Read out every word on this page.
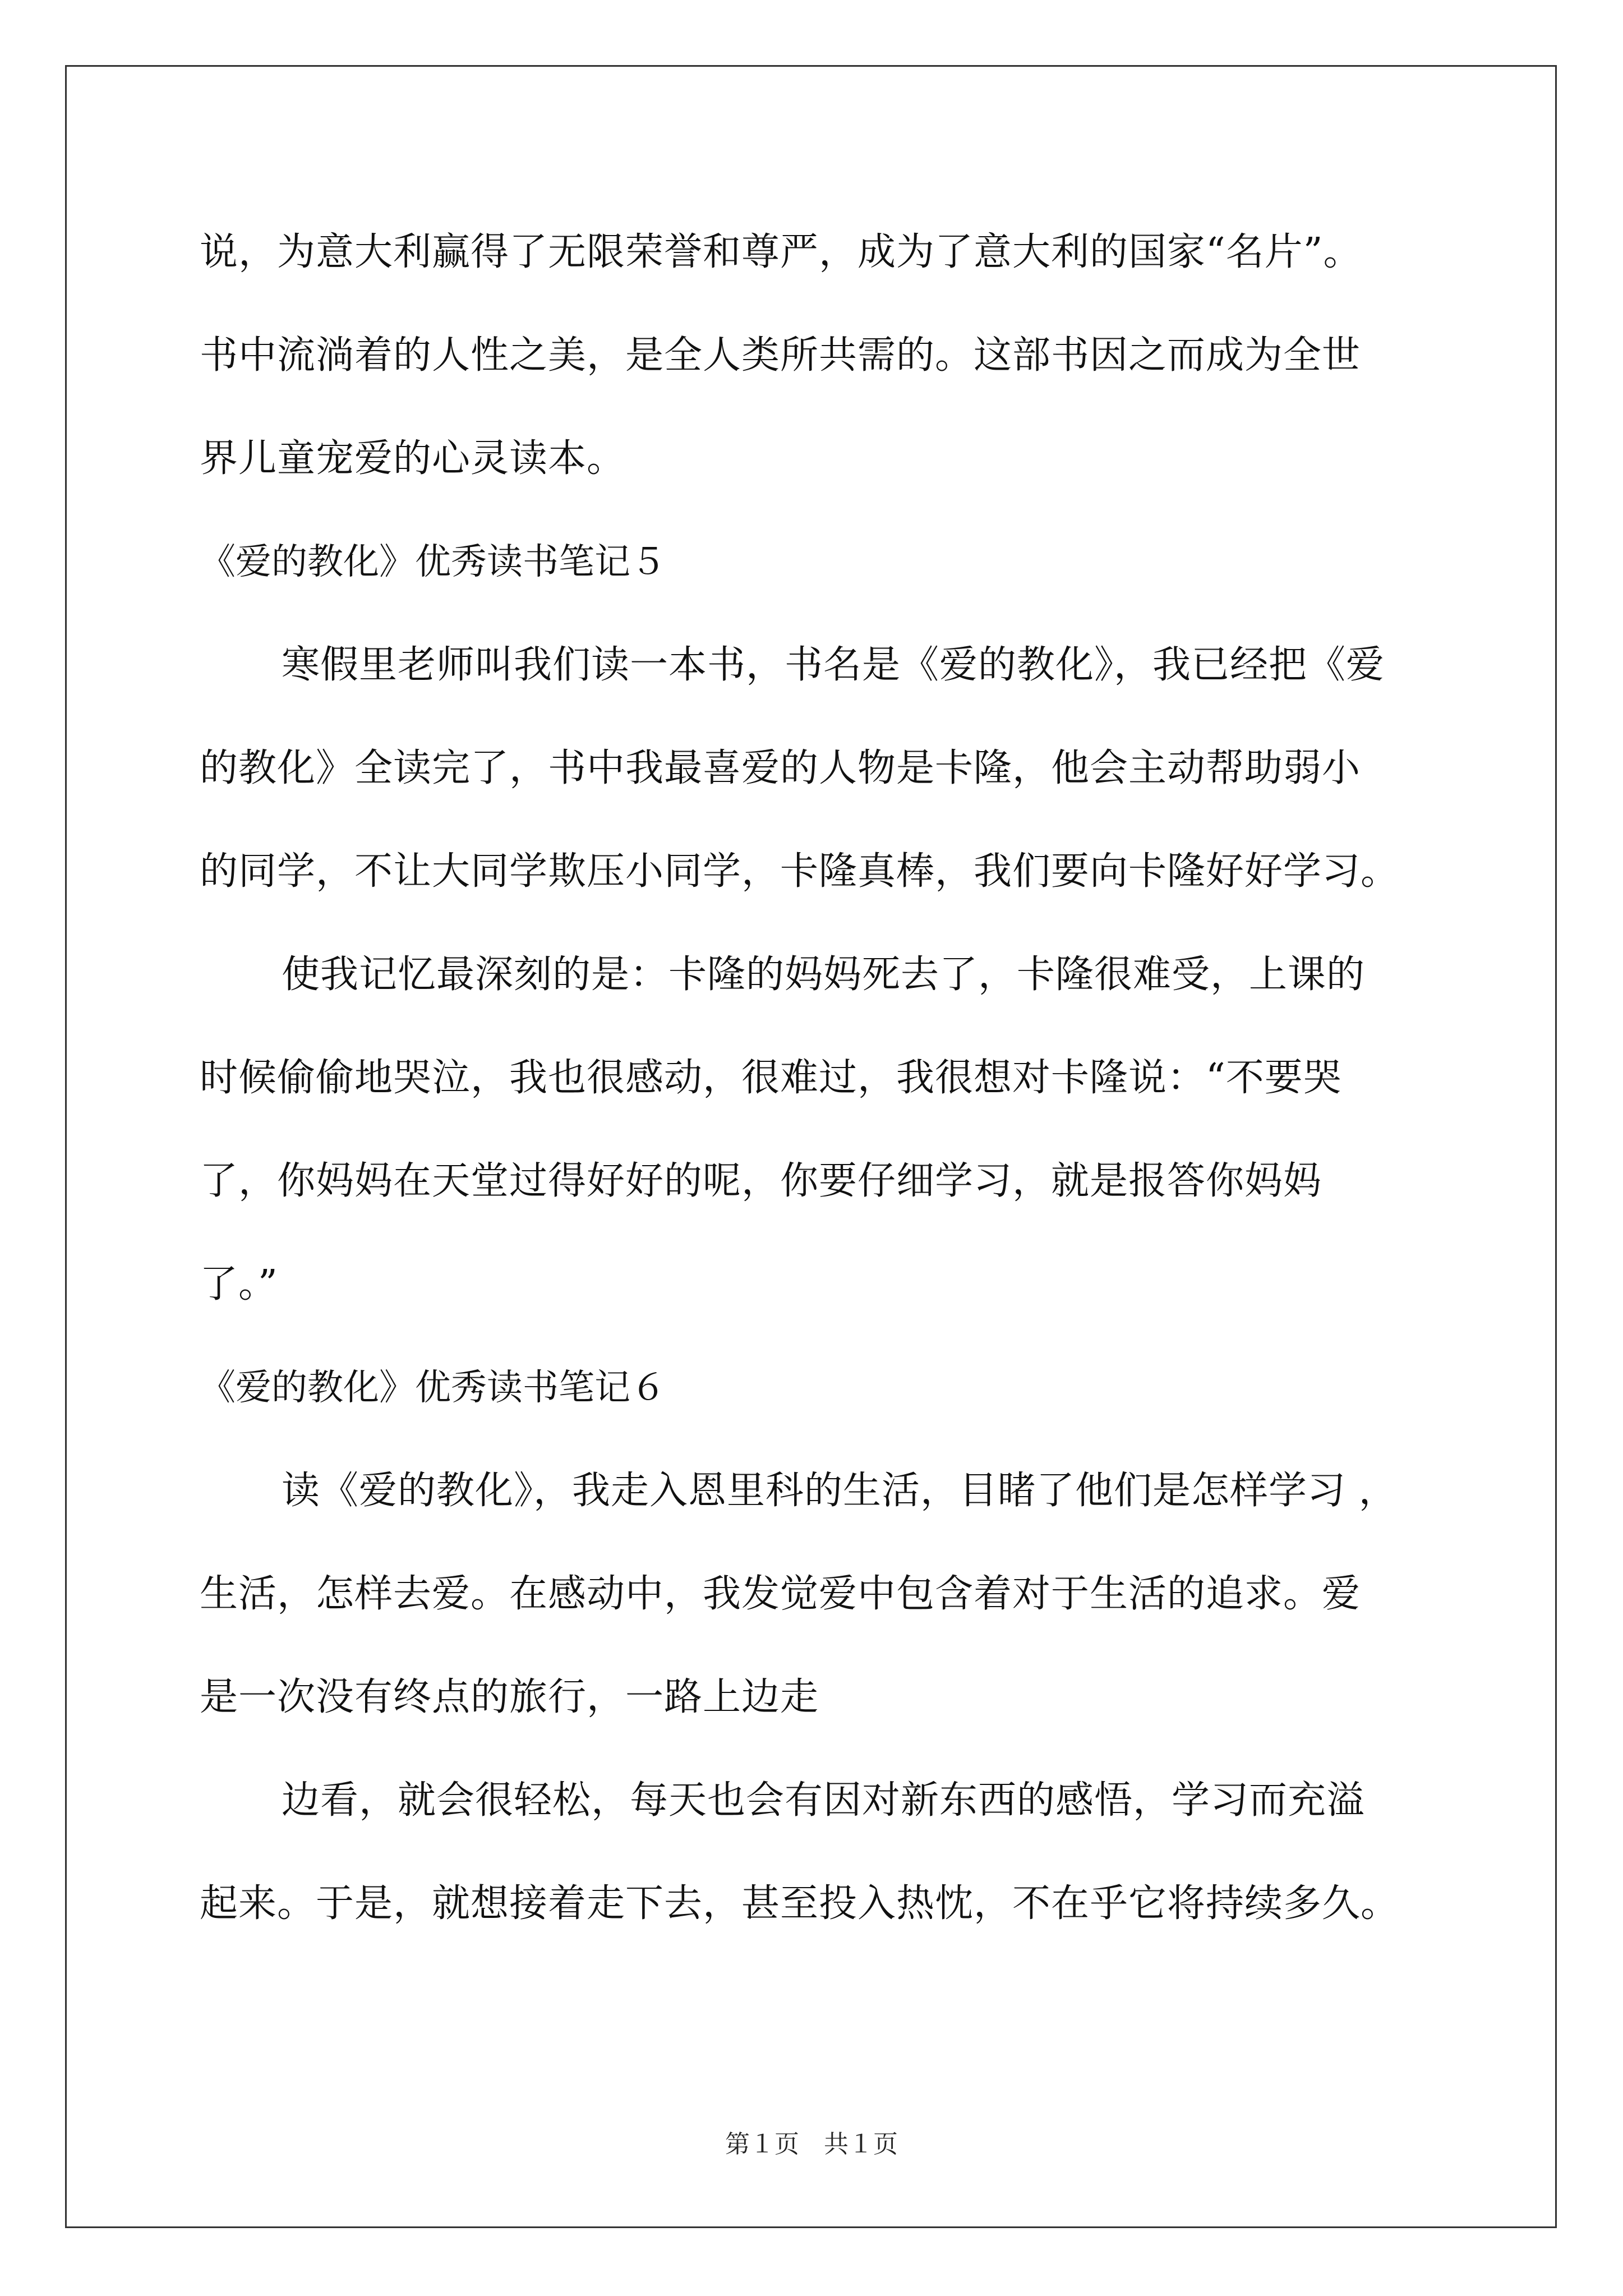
说，为意大利赢得了无限荣誉和尊严，成为了意大利的国家“名片”。
书中流淌着的人性之美，是全人类所共需的。这部书因之而成为全世
界儿童宠爱的心灵读本。
《爱的教化》优秀读书笔记５
寒假里老师叫我们读一本书，书名是《爱的教化》，我已经把《爱
的教化》全读完了，书中我最喜爱的人物是卡隆，他会主动帮助弱小
的同学，不让大同学欺压小同学，卡隆真棒，我们要向卡隆好好学习。
使我记忆最深刻的是：卡隆的妈妈死去了，卡隆很难受，上课的
时候偷偷地哭泣，我也很感动，很难过，我很想对卡隆说：“不要哭
了，你妈妈在天堂过得好好的呢，你要仔细学习，就是报答你妈妈
了。”
《爱的教化》优秀读书笔记６
读《爱的教化》，我走入恩里科的生活，目睹了他们是怎样学习 ，
生活，怎样去爱。在感动中，我发觉爱中包含着对于生活的追求。爱
是一次没有终点的旅行，一路上边走
边看，就会很轻松，每天也会有因对新东西的感悟，学习而充溢
起来。于是，就想接着走下去，甚至投入热忱，不在乎它将持续多久。
第１页　共１页
